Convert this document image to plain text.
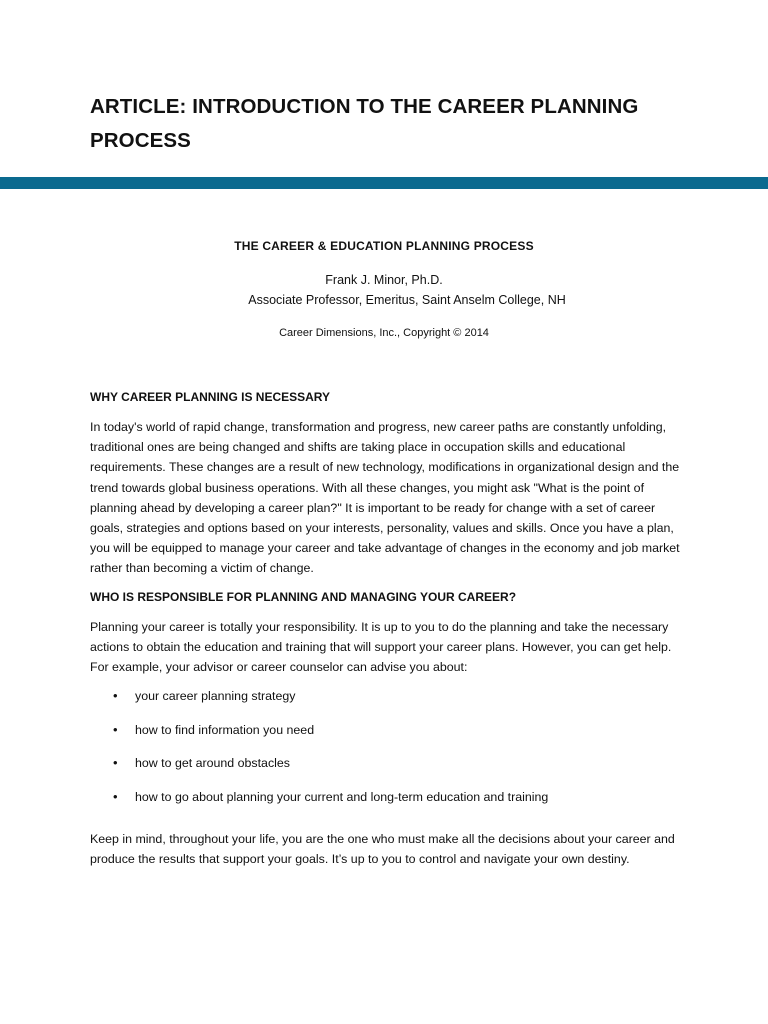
ARTICLE: INTRODUCTION TO THE CAREER PLANNING
PROCESS
THE CAREER & EDUCATION PLANNING PROCESS
Frank J. Minor, Ph.D.
Associate Professor, Emeritus, Saint Anselm College, NH
Career Dimensions, Inc., Copyright © 2014
WHY CAREER PLANNING IS NECESSARY

In today's world of rapid change, transformation and progress, new career paths are constantly unfolding, traditional ones are being changed and shifts are taking place in occupation skills and educational requirements. These changes are a result of new technology, modifications in organizational design and the trend towards global business operations. With all these changes, you might ask "What is the point of planning ahead by developing a career plan?" It is important to be ready for change with a set of career goals, strategies and options based on your interests, personality, values and skills. Once you have a plan, you will be equipped to manage your career and take advantage of changes in the economy and job market rather than becoming a victim of change.

WHO IS RESPONSIBLE FOR PLANNING AND MANAGING YOUR CAREER?

Planning your career is totally your responsibility. It is up to you to do the planning and take the necessary actions to obtain the education and training that will support your career plans. However, you can get help. For example, your advisor or career counselor can advise you about:

• your career planning strategy
• how to find information you need
• how to get around obstacles
• how to go about planning your current and long-term education and training

Keep in mind, throughout your life, you are the one who must make all the decisions about your career and produce the results that support your goals. It’s up to you to control and navigate your own destiny.
